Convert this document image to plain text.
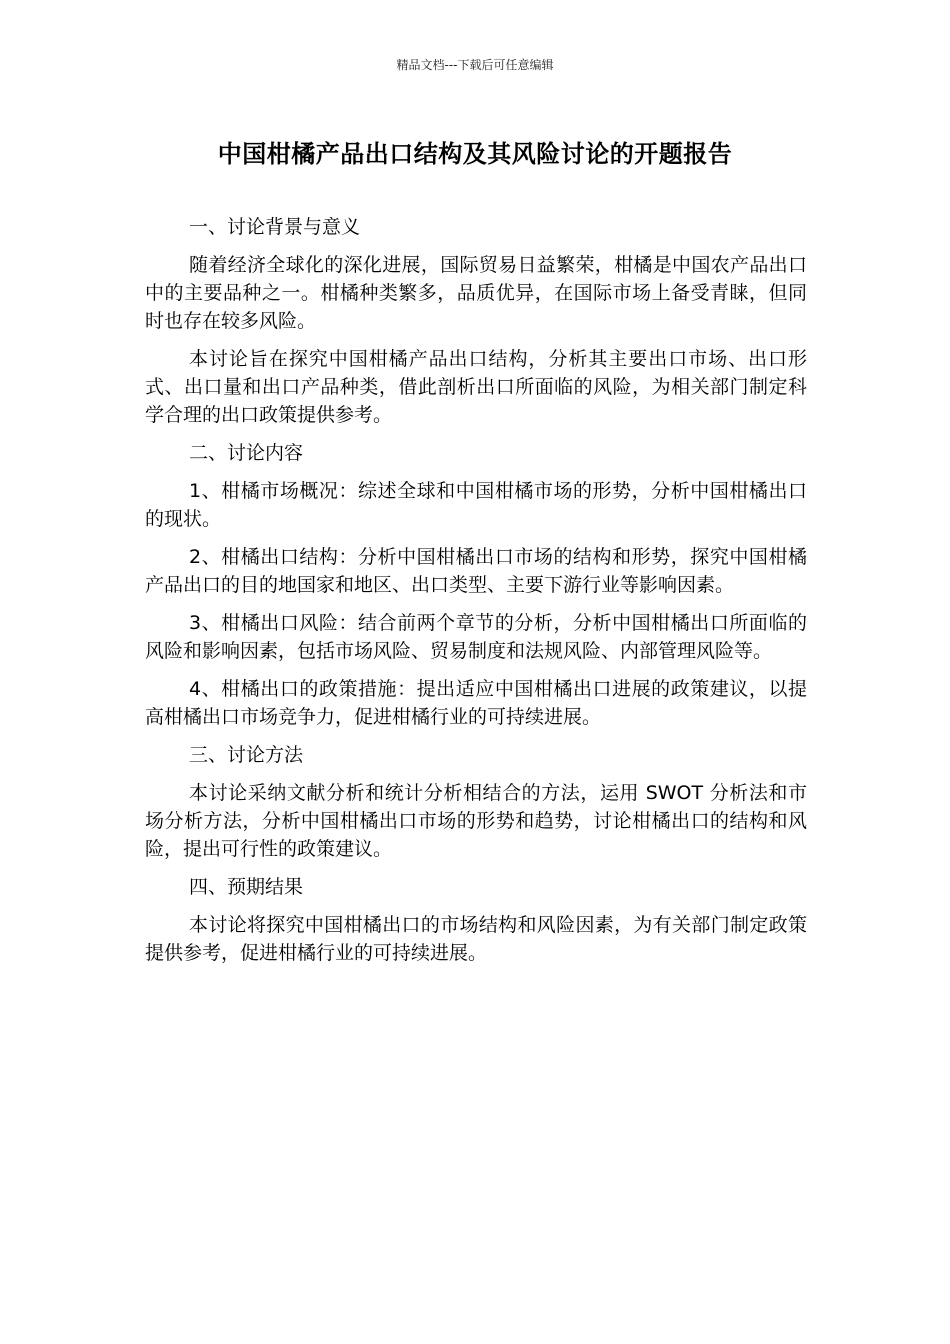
精品文档---下载后可任意编辑
中国柑橘产品出口结构及其风险讨论的开题报告
一、讨论背景与意义

随着经济全球化的深化进展，国际贸易日益繁荣，柑橘是中国农产品出口中的主要品种之一。柑橘种类繁多，品质优异，在国际市场上备受青睐，但同时也存在较多风险。

本讨论旨在探究中国柑橘产品出口结构，分析其主要出口市场、出口形式、出口量和出口产品种类，借此剖析出口所面临的风险，为相关部门制定科学合理的出口政策提供参考。

二、讨论内容

1、柑橘市场概况：综述全球和中国柑橘市场的形势，分析中国柑橘出口的现状。

2、柑橘出口结构：分析中国柑橘出口市场的结构和形势，探究中国柑橘产品出口的目的地国家和地区、出口类型、主要下游行业等影响因素。

3、柑橘出口风险：结合前两个章节的分析，分析中国柑橘出口所面临的风险和影响因素，包括市场风险、贸易制度和法规风险、内部管理风险等。

4、柑橘出口的政策措施：提出适应中国柑橘出口进展的政策建议，以提高柑橘出口市场竞争力，促进柑橘行业的可持续进展。

三、讨论方法

本讨论采纳文献分析和统计分析相结合的方法，运用 SWOT 分析法和市场分析方法，分析中国柑橘出口市场的形势和趋势，讨论柑橘出口的结构和风险，提出可行性的政策建议。

四、预期结果

本讨论将探究中国柑橘出口的市场结构和风险因素，为有关部门制定政策提供参考，促进柑橘行业的可持续进展。
